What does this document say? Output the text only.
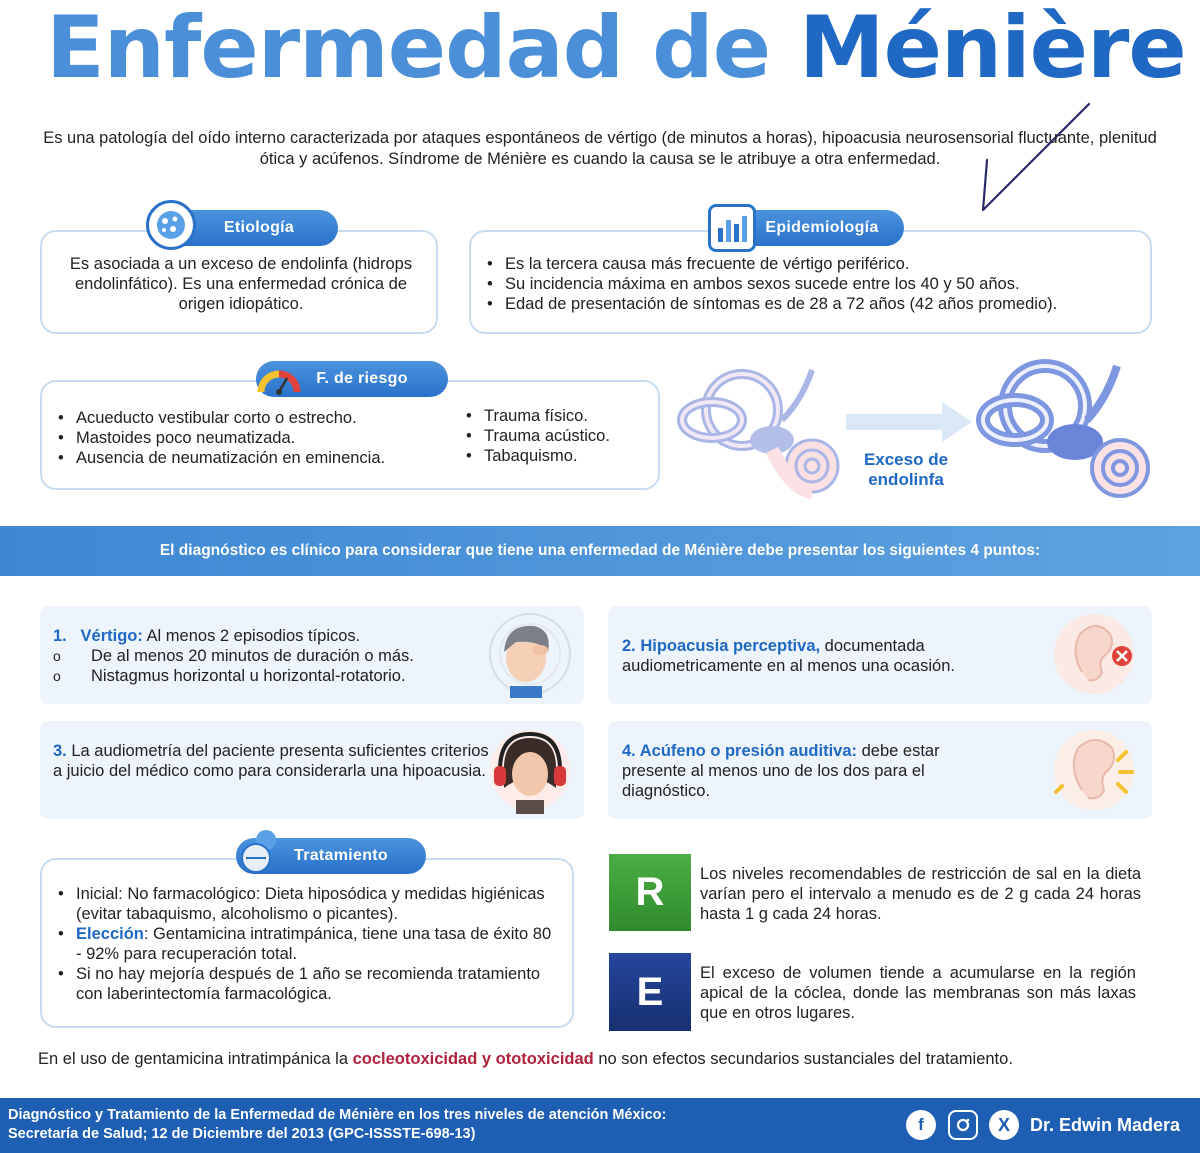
Enfermedad de Ménière
Es una patología del oído interno caracterizada por ataques espontáneos de vértigo (de minutos a horas), hipoacusia neurosensorial fluctuante, plenitud ótica y acúfenos. Síndrome de Ménière es cuando la causa se le atribuye a otra enfermedad.
Es asociada a un exceso de endolinfa (hidrops endolinfático). Es una enfermedad crónica de origen idiopático.
Etiología
• Es la tercera causa más frecuente de vértigo periférico.
• Su incidencia máxima en ambos sexos sucede entre los 40 y 50 años.
• Edad de presentación de síntomas es de 28 a 72 años (42 años promedio).
Epidemiología
• Acueducto vestibular corto o estrecho.
• Mastoides poco neumatizada.
• Ausencia de neumatización en eminencia.
• Trauma físico.
• Trauma acústico.
• Tabaquismo.
F. de riesgo
Exceso de
endolinfa
El diagnóstico es clínico para considerar que tiene una enfermedad de Ménière debe presentar los siguientes 4 puntos:
1. Vértigo: Al menos 2 episodios típicos.
o De al menos 20 minutos de duración o más.
o Nistagmus horizontal u horizontal-rotatorio.
2. Hipoacusia perceptiva, documentada audiometricamente en al menos una ocasión.
3. La audiometría del paciente presenta suficientes criterios a juicio del médico como para considerarla una hipoacusia.
4. Acúfeno o presión auditiva: debe estar presente al menos uno de los dos para el diagnóstico.
• Inicial: No farmacológico: Dieta hiposódica y medidas higiénicas (evitar tabaquismo, alcoholismo o picantes).
• Elección: Gentamicina intratimpánica, tiene una tasa de éxito 80 - 92% para recuperación total.
• Si no hay mejoría después de 1 año se recomienda tratamiento con laberintectomía farmacológica.
Tratamiento
R Los niveles recomendables de restricción de sal en la dieta varían pero el intervalo a menudo es de 2 g cada 24 horas hasta 1 g cada 24 horas.
E El exceso de volumen tiende a acumularse en la región apical de la cóclea, donde las membranas son más laxas que en otros lugares.
En el uso de gentamicina intratimpánica la cocleotoxicidad y ototoxicidad no son efectos secundarios sustanciales del tratamiento.
Diagnóstico y Tratamiento de la Enfermedad de Ménière en los tres niveles de atención México:
Secretaría de Salud; 12 de Diciembre del 2013 (GPC-ISSSTE-698-13)	f	X Dr. Edwin Madera
